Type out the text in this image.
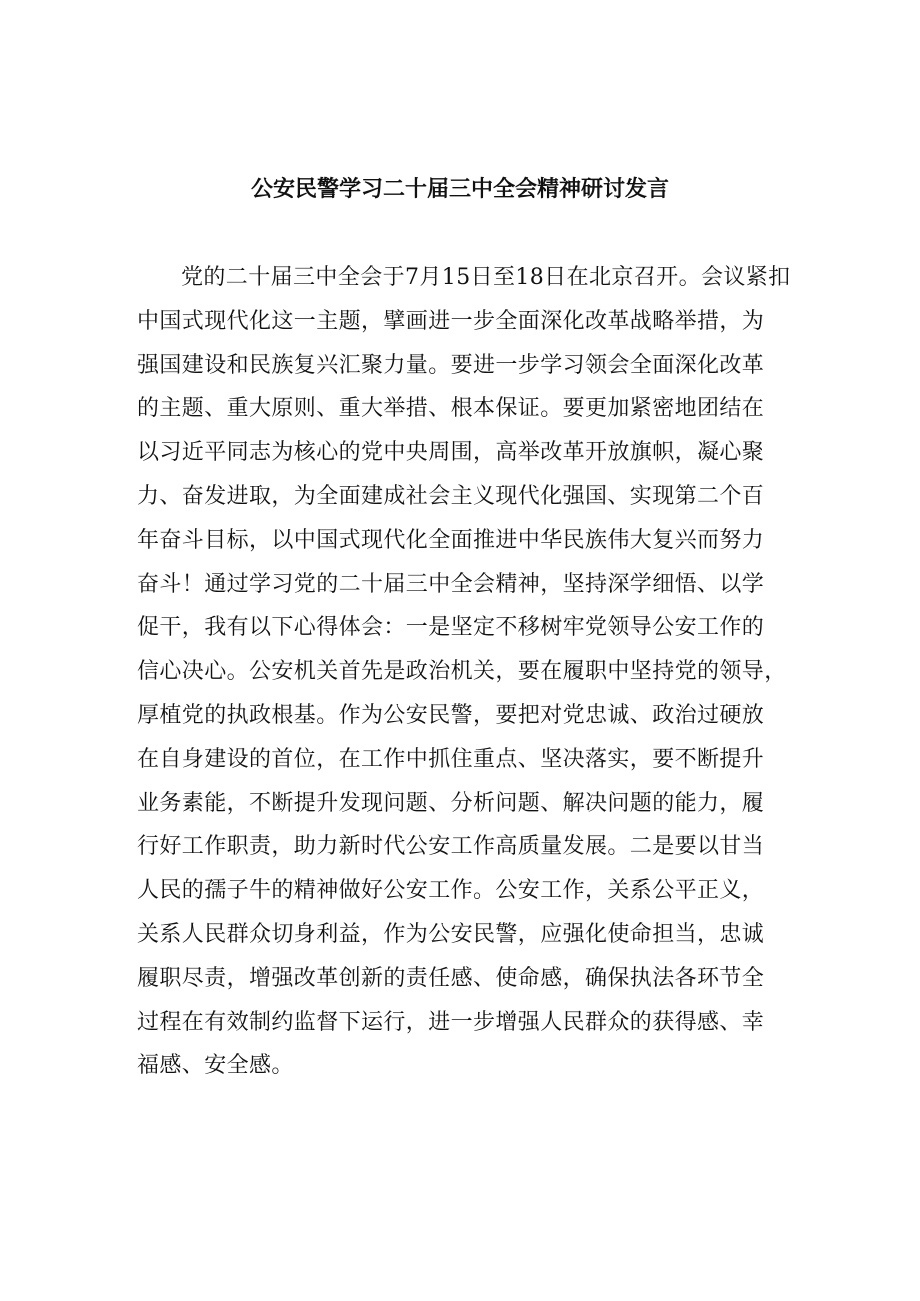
公安民警学习二十届三中全会精神研讨发言
党的二十届三中全会于7月15日至18日在北京召开。会议紧扣
中国式现代化这一主题，擘画进一步全面深化改革战略举措，为
强国建设和民族复兴汇聚力量。要进一步学习领会全面深化改革
的主题、重大原则、重大举措、根本保证。要更加紧密地团结在
以习近平同志为核心的党中央周围，高举改革开放旗帜，凝心聚
力、奋发进取，为全面建成社会主义现代化强国、实现第二个百
年奋斗目标，以中国式现代化全面推进中华民族伟大复兴而努力
奋斗！通过学习党的二十届三中全会精神，坚持深学细悟、以学
促干，我有以下心得体会：一是坚定不移树牢党领导公安工作的
信心决心。公安机关首先是政治机关，要在履职中坚持党的领导，
厚植党的执政根基。作为公安民警，要把对党忠诚、政治过硬放
在自身建设的首位，在工作中抓住重点、坚决落实，要不断提升
业务素能，不断提升发现问题、分析问题、解决问题的能力，履
行好工作职责，助力新时代公安工作高质量发展。二是要以甘当
人民的孺子牛的精神做好公安工作。公安工作，关系公平正义，
关系人民群众切身利益，作为公安民警，应强化使命担当，忠诚
履职尽责，增强改革创新的责任感、使命感，确保执法各环节全
过程在有效制约监督下运行，进一步增强人民群众的获得感、幸
福感、安全感。
